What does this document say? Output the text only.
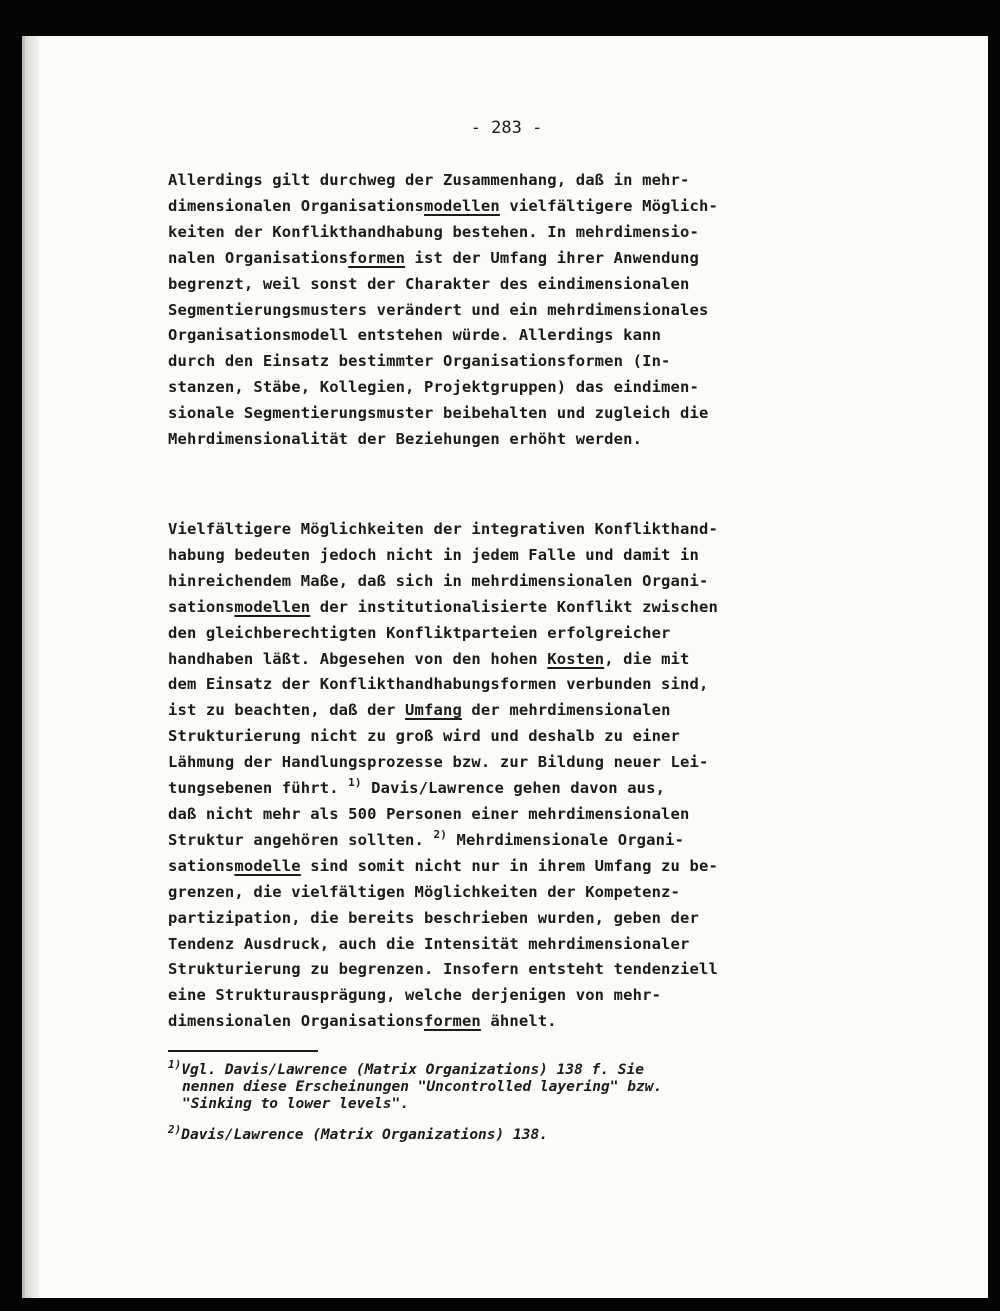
- 283 -
Allerdings gilt durchweg der Zusammenhang, daß in mehr-
dimensionalen Organisationsmodellen vielfältigere Möglich-
keiten der Konflikthandhabung bestehen. In mehrdimensio-
nalen Organisationsformen ist der Umfang ihrer Anwendung
begrenzt, weil sonst der Charakter des eindimensionalen
Segmentierungsmusters verändert und ein mehrdimensionales
Organisationsmodell entstehen würde. Allerdings kann
durch den Einsatz bestimmter Organisationsformen (In-
stanzen, Stäbe, Kollegien, Projektgruppen) das eindimen-
sionale Segmentierungsmuster beibehalten und zugleich die
Mehrdimensionalität der Beziehungen erhöht werden.
Vielfältigere Möglichkeiten der integrativen Konflikthand-
habung bedeuten jedoch nicht in jedem Falle und damit in
hinreichendem Maße, daß sich in mehrdimensionalen Organi-
sationsmodellen der institutionalisierte Konflikt zwischen
den gleichberechtigten Konfliktparteien erfolgreicher
handhaben läßt. Abgesehen von den hohen Kosten, die mit
dem Einsatz der Konflikthandhabungsformen verbunden sind,
ist zu beachten, daß der Umfang der mehrdimensionalen
Strukturierung nicht zu groß wird und deshalb zu einer
Lähmung der Handlungsprozesse bzw. zur Bildung neuer Lei-
tungsebenen führt. $^{1)}$ Davis/Lawrence gehen davon aus,
daß nicht mehr als 500 Personen einer mehrdimensionalen
Struktur angehören sollten. $^{2)}$ Mehrdimensionale Organi-
sationsmodelle sind somit nicht nur in ihrem Umfang zu be-
grenzen, die vielfältigen Möglichkeiten der Kompetenz-
partizipation, die bereits beschrieben wurden, geben der
Tendenz Ausdruck, auch die Intensität mehrdimensionaler
Strukturierung zu begrenzen. Insofern entsteht tendenziell
eine Strukturausprägung, welche derjenigen von mehr-
dimensionalen Organisationsformen ähnelt.
$^{1)}$Vgl. Davis/Lawrence (Matrix Organizations) 138 f. Sie
nennen diese Erscheinungen "Uncontrolled layering" bzw.
"Sinking to lower levels".
$^{2)}$Davis/Lawrence (Matrix Organizations) 138.
